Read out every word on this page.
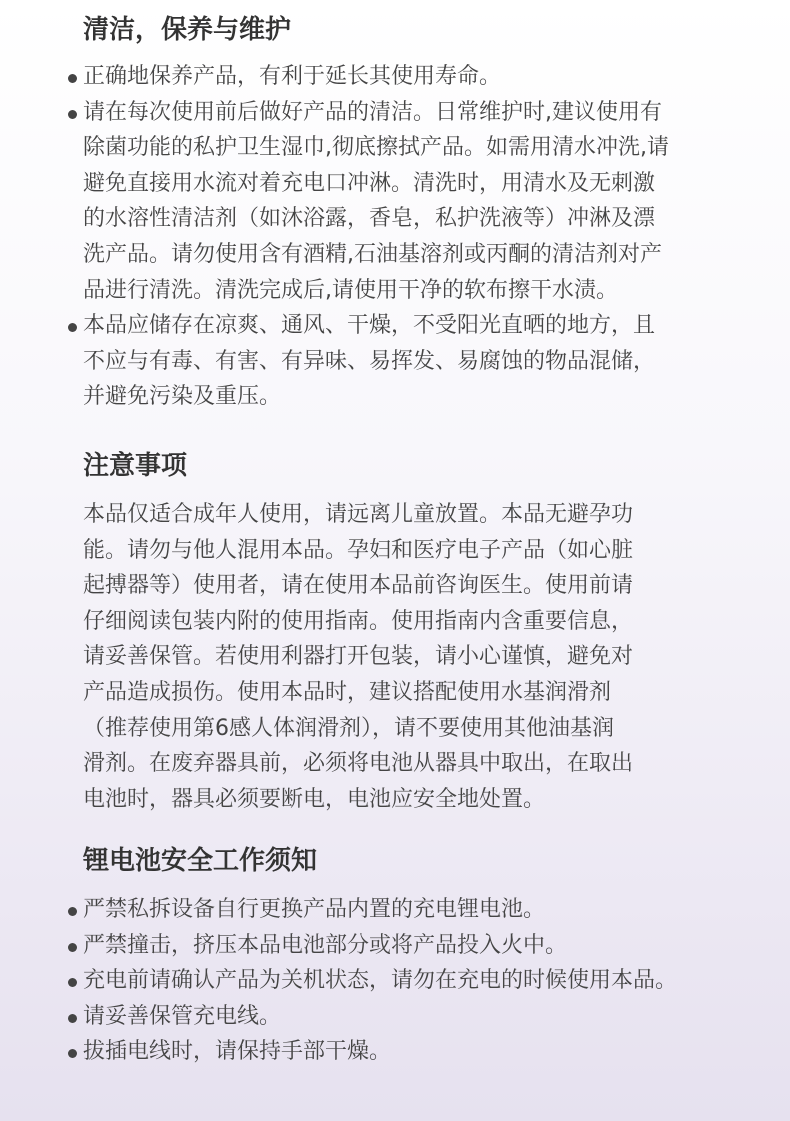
清洁，保养与维护
正确地保养产品，有利于延长其使用寿命。
请在每次使用前后做好产品的清洁。日常维护时,建议使用有
除菌功能的私护卫生湿巾,彻底擦拭产品。如需用清水冲洗,请
避免直接用水流对着充电口冲淋。清洗时，用清水及无刺激
的水溶性清洁剂（如沐浴露，香皂，私护洗液等）冲淋及漂
洗产品。请勿使用含有酒精,石油基溶剂或丙酮的清洁剂对产
品进行清洗。清洗完成后,请使用干净的软布擦干水渍。
本品应储存在凉爽、通风、干燥，不受阳光直晒的地方，且
不应与有毒、有害、有异味、易挥发、易腐蚀的物品混储，
并避免污染及重压。
注意事项
本品仅适合成年人使用，请远离儿童放置。本品无避孕功
能。请勿与他人混用本品。孕妇和医疗电子产品（如心脏
起搏器等）使用者，请在使用本品前咨询医生。使用前请
仔细阅读包装内附的使用指南。使用指南内含重要信息，
请妥善保管。若使用利器打开包装，请小心谨慎，避免对
产品造成损伤。使用本品时，建议搭配使用水基润滑剂
（推荐使用第6感人体润滑剂），请不要使用其他油基润
滑剂。在废弃器具前，必须将电池从器具中取出，在取出
电池时，器具必须要断电，电池应安全地处置。
锂电池安全工作须知
严禁私拆设备自行更换产品内置的充电锂电池。
严禁撞击，挤压本品电池部分或将产品投入火中。
充电前请确认产品为关机状态，请勿在充电的时候使用本品。
请妥善保管充电线。
拔插电线时，请保持手部干燥。
